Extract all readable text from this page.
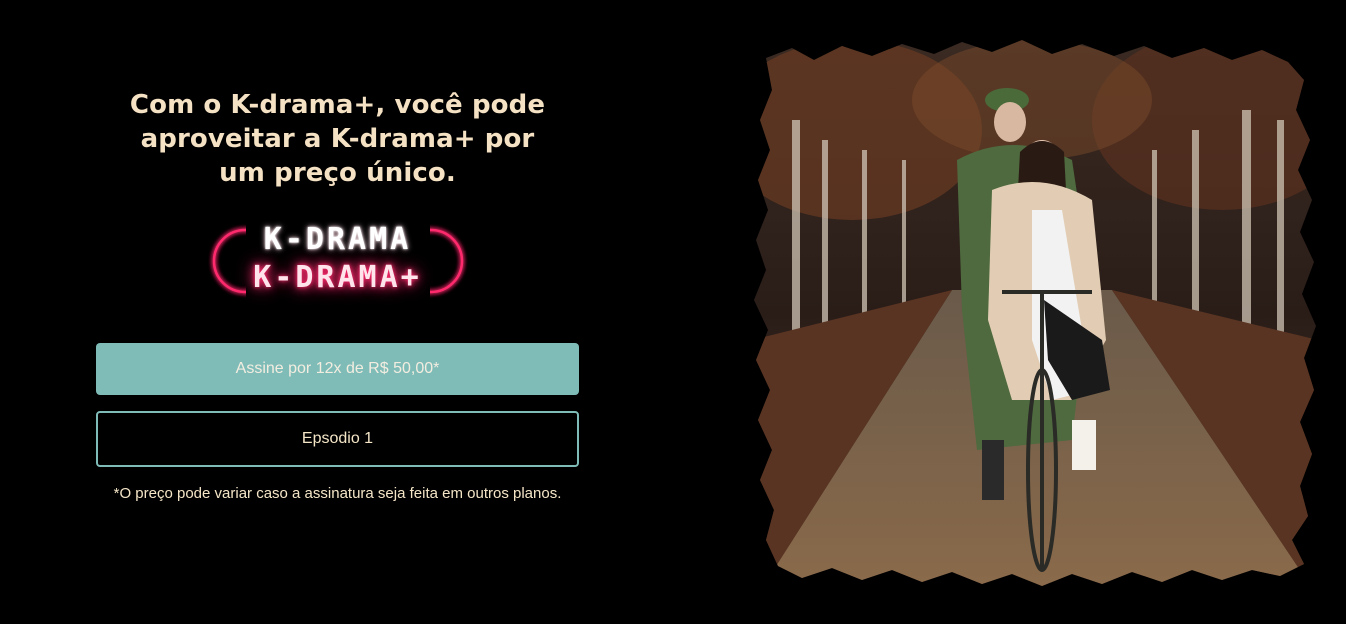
Com o K-drama+, você pode aproveitar a K-drama+ por um preço único.
K-DRAMA
K-DRAMA+
Assine por 12x de R$ 50,00*
Epsodio 1

*O preço pode variar caso a assinatura seja feita em outros planos.
